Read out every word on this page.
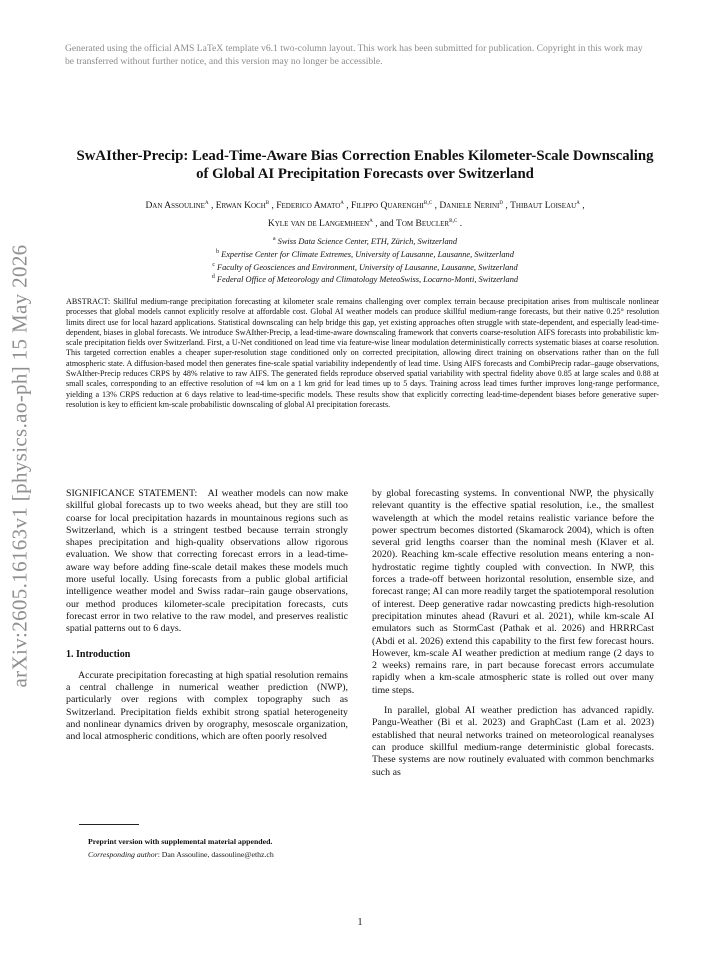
Generated using the official AMS LaTeX template v6.1 two-column layout. This work has been submitted for publication. Copyright in this work may be transferred without further notice, and this version may no longer be accessible.
arXiv:2605.16163v1 [physics.ao-ph] 15 May 2026
SwAIther-Precip: Lead-Time-Aware Bias Correction Enables Kilometer-Scale Downscaling of Global AI Precipitation Forecasts over Switzerland
Dan Assouline$^a$ , Erwan Koch$^b$ , Federico Amato$^a$ , Filippo Quarenghi$^{b,c}$ , Daniele Nerini$^d$ , Thibaut Loiseau$^a$ ,
Kyle van de Langemheen$^a$ , and Tom Beucler$^{b,c}$ .
$^a$ Swiss Data Science Center, ETH, Zürich, Switzerland
$^b$ Expertise Center for Climate Extremes, University of Lausanne, Lausanne, Switzerland
$^c$ Faculty of Geosciences and Environment, University of Lausanne, Lausanne, Switzerland
$^d$ Federal Office of Meteorology and Climatology MeteoSwiss, Locarno-Monti, Switzerland
ABSTRACT: Skillful medium-range precipitation forecasting at kilometer scale remains challenging over complex terrain because precipitation arises from multiscale nonlinear processes that global models cannot explicitly resolve at affordable cost. Global AI weather models can produce skillful medium-range forecasts, but their native 0.25° resolution limits direct use for local hazard applications. Statistical downscaling can help bridge this gap, yet existing approaches often struggle with state-dependent, and especially lead-time-dependent, biases in global forecasts. We introduce SwAIther-Precip, a lead-time-aware downscaling framework that converts coarse-resolution AIFS forecasts into probabilistic km-scale precipitation fields over Switzerland. First, a U-Net conditioned on lead time via feature-wise linear modulation deterministically corrects systematic biases at coarse resolution. This targeted correction enables a cheaper super-resolution stage conditioned only on corrected precipitation, allowing direct training on observations rather than on the full atmospheric state. A diffusion-based model then generates fine-scale spatial variability independently of lead time. Using AIFS forecasts and CombiPrecip radar–gauge observations, SwAIther-Precip reduces CRPS by 48% relative to raw AIFS. The generated fields reproduce observed spatial variability with spectral fidelity above 0.85 at large scales and 0.88 at small scales, corresponding to an effective resolution of ≈4 km on a 1 km grid for lead times up to 5 days. Training across lead times further improves long-range performance, yielding a 13% CRPS reduction at 6 days relative to lead-time-specific models. These results show that explicitly correcting lead-time-dependent biases before generative super-resolution is key to efficient km-scale probabilistic downscaling of global AI precipitation forecasts.

SIGNIFICANCE STATEMENT: AI weather models can now make skillful global forecasts up to two weeks ahead, but they are still too coarse for local precipitation hazards in mountainous regions such as Switzerland, which is a stringent testbed because terrain strongly shapes precipitation and high-quality observations allow rigorous evaluation. We show that correcting forecast errors in a lead-time-aware way before adding fine-scale detail makes these models much more useful locally. Using forecasts from a public global artificial intelligence weather model and Swiss radar–rain gauge observations, our method produces kilometer-scale precipitation forecasts, cuts forecast error in two relative to the raw model, and preserves realistic spatial patterns out to 6 days.

1. Introduction

Accurate precipitation forecasting at high spatial resolution remains a central challenge in numerical weather prediction (NWP), particularly over regions with complex topography such as Switzerland. Precipitation fields exhibit strong spatial heterogeneity and nonlinear dynamics driven by orography, mesoscale organization, and local atmospheric conditions, which are often poorly resolved

by global forecasting systems. In conventional NWP, the physically relevant quantity is the effective spatial resolution, i.e., the smallest wavelength at which the model retains realistic variance before the power spectrum becomes distorted (Skamarock 2004), which is often several grid lengths coarser than the nominal mesh (Klaver et al. 2020). Reaching km-scale effective resolution means entering a non-hydrostatic regime tightly coupled with convection. In NWP, this forces a trade-off between horizontal resolution, ensemble size, and forecast range; AI can more readily target the spatiotemporal resolution of interest. Deep generative radar nowcasting predicts high-resolution precipitation minutes ahead (Ravuri et al. 2021), while km-scale AI emulators such as StormCast (Pathak et al. 2026) and HRRRCast (Abdi et al. 2026) extend this capability to the first few forecast hours. However, km-scale AI weather prediction at medium range (2 days to 2 weeks) remains rare, in part because forecast errors accumulate rapidly when a km-scale atmospheric state is rolled out over many time steps.

In parallel, global AI weather prediction has advanced rapidly. Pangu-Weather (Bi et al. 2023) and GraphCast (Lam et al. 2023) established that neural networks trained on meteorological reanalyses can produce skillful medium-range deterministic global forecasts. These systems are now routinely evaluated with common benchmarks such as

Preprint version with supplemental material appended.
Corresponding author: Dan Assouline, dassouline@ethz.ch
1
